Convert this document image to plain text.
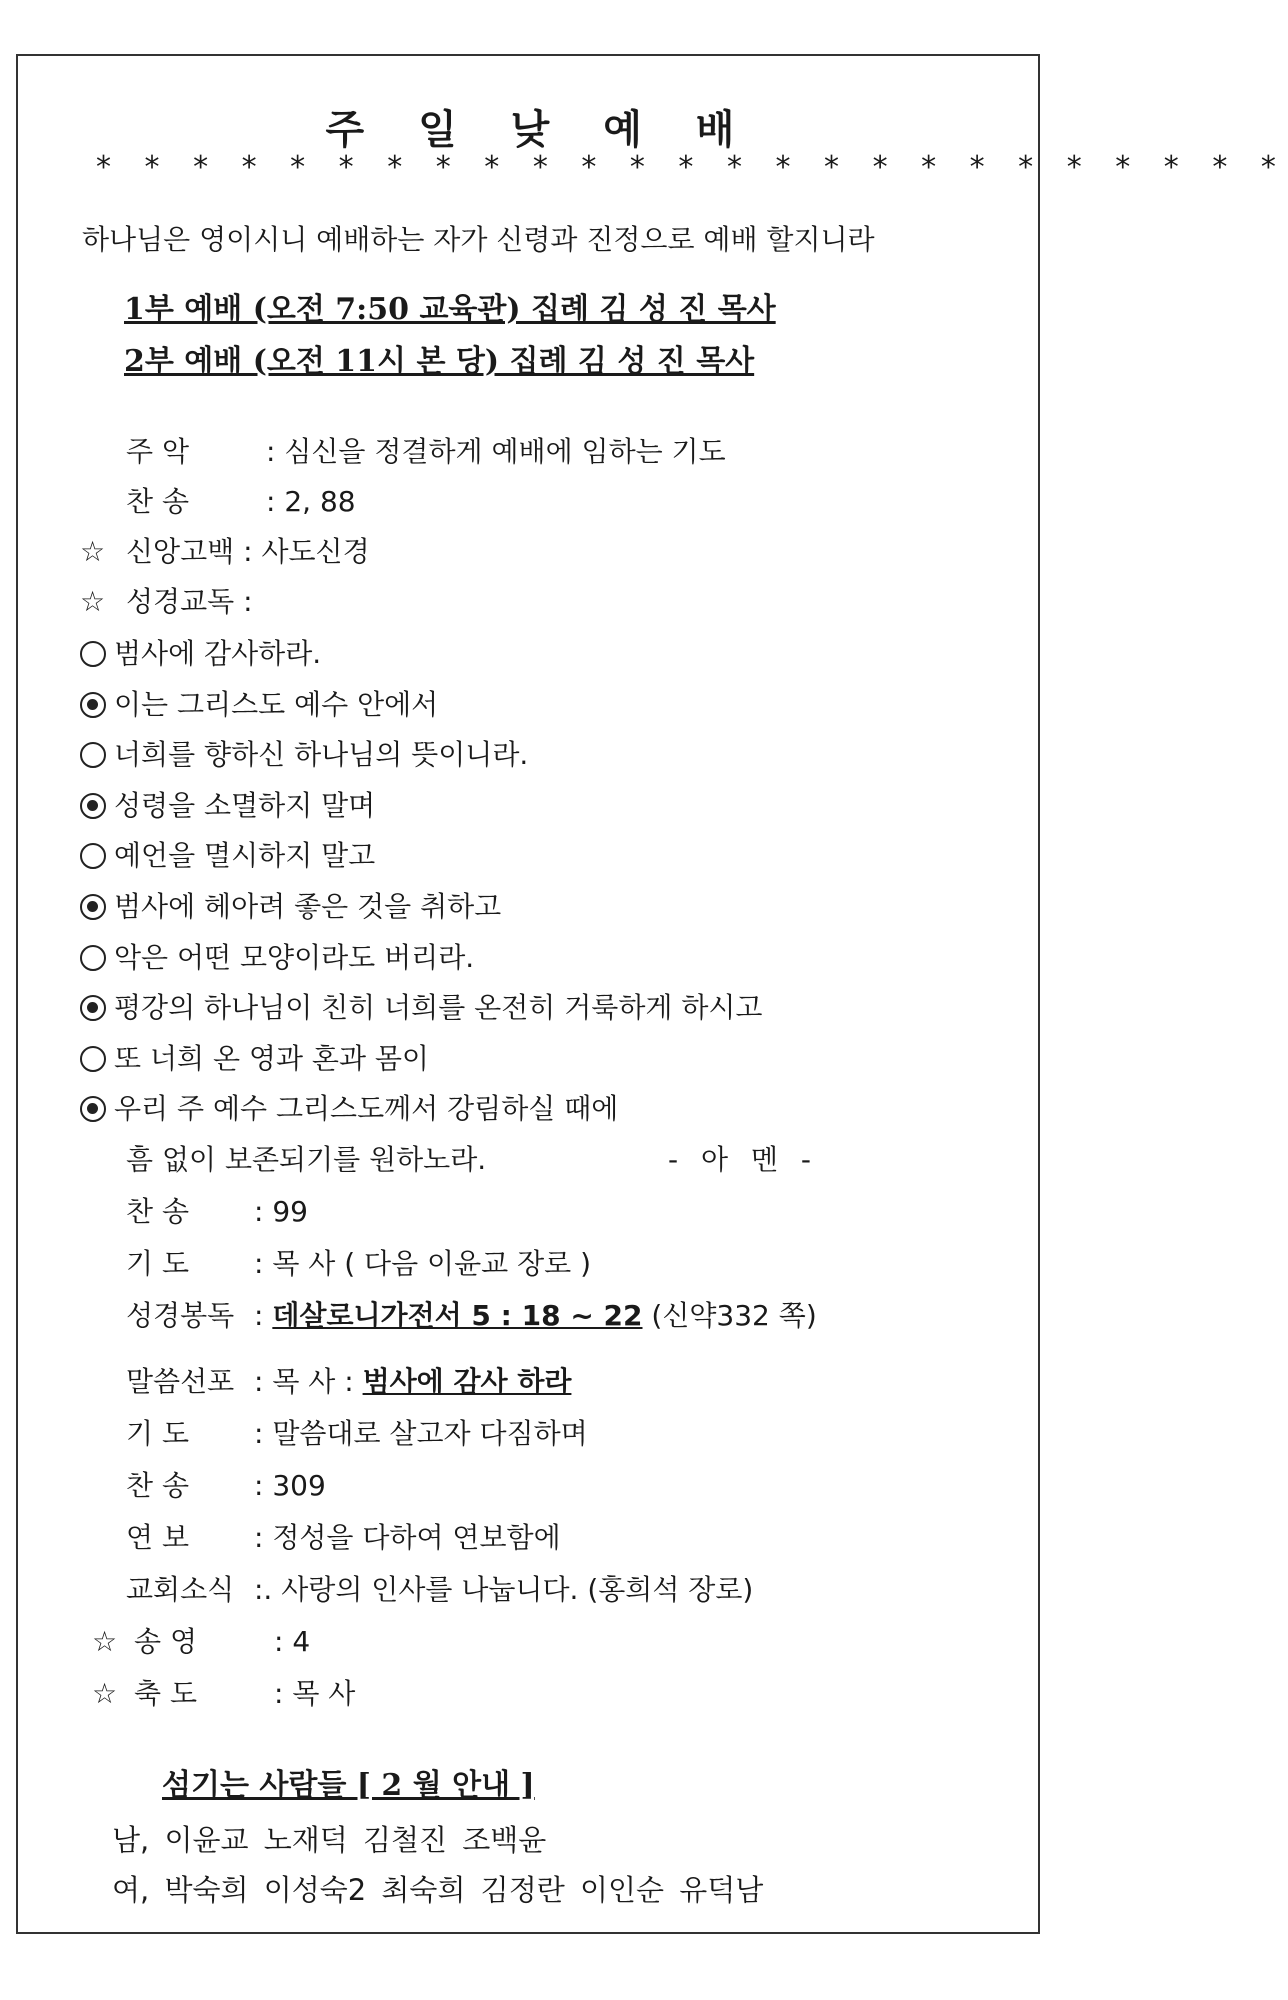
주 일 낮 예 배
* * * * * * * * * * * * * * * * * * * * * * * * *
하나님은 영이시니 예배하는 자가 신령과 진정으로 예배 할지니라
1부 예배 (오전 7:50 교육관) 집례 김 성 진 목사
2부 예배 (오전 11시 본 당) 집례 김 성 진 목사
주 악	: 심신을 정결하게 예배에 임하는 기도
찬 송	: 2, 88
☆ 신앙고백 : 사도신경
☆ 성경교독 :
범사에 감사하라.
이는 그리스도 예수 안에서
너희를 향하신 하나님의 뜻이니라.
성령을 소멸하지 말며
예언을 멸시하지 말고
범사에 헤아려 좋은 것을 취하고
악은 어떤 모양이라도 버리라.
평강의 하나님이 친히 너희를 온전히 거룩하게 하시고
또 너희 온 영과 혼과 몸이
우리 주 예수 그리스도께서 강림하실 때에
흠 없이 보존되기를 원하노라.	- 아 멘 -
찬 송 : 99
기 도 : 목 사 ( 다음 이윤교 장로 )
성경봉독 : 데살로니가전서 5 : 18 ~ 22 (신약332 쪽)
말씀선포 : 목 사 : 범사에 감사 하라
기 도 : 말씀대로 살고자 다짐하며
찬 송 : 309
연 보 : 정성을 다하여 연보함에
교회소식 :. 사랑의 인사를 나눕니다. (홍희석 장로)
☆ 송 영	: 4
☆ 축 도	: 목 사
섬기는 사람들 [ 2 월 안내 ]
남, 이윤교 노재덕 김철진 조백윤
여, 박숙희 이성숙2 최숙희 김정란 이인순 유덕남
